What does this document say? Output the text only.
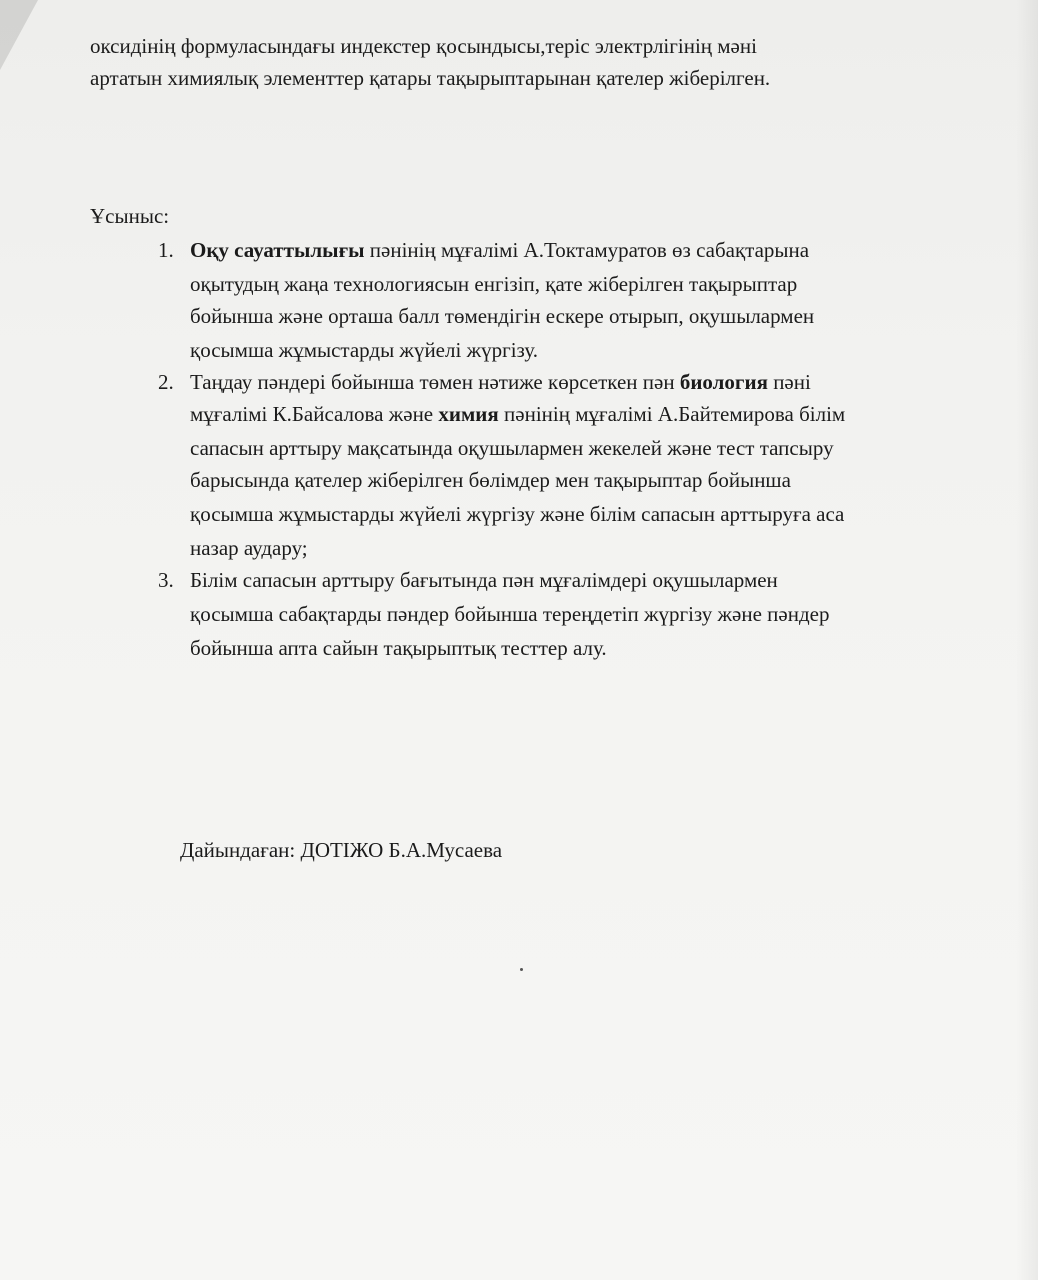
оксидінің формуласындағы индекстер қосындысы,теріс электрлігінің мәні
артатын химиялық элементтер қатары тақырыптарынан қателер жіберілген.
Ұсыныс:
1. Оқу сауаттылығы пәнінің мұғалімі А.Токтамуратов өз сабақтарына
оқытудың жаңа технологиясын енгізіп, қате жіберілген тақырыптар
бойынша және орташа балл төмендігін ескере отырып, оқушылармен
қосымша жұмыстарды жүйелі жүргізу.
2. Таңдау пәндері бойынша төмен нәтиже көрсеткен пән биология пәні
мұғалімі К.Байсалова және химия пәнінің мұғалімі А.Байтемирова білім
сапасын арттыру мақсатында оқушылармен жекелей және тест тапсыру
барысында қателер жіберілген бөлімдер мен тақырыптар бойынша
қосымша жұмыстарды жүйелі жүргізу және білім сапасын арттыруға аса
назар аудару;
3. Білім сапасын арттыру бағытында пән мұғалімдері оқушылармен
қосымша сабақтарды пәндер бойынша тереңдетіп жүргізу және пәндер
бойынша апта сайын тақырыптық тесттер алу.
Дайындаған: ДОТІЖО Б.А.Мусаева
